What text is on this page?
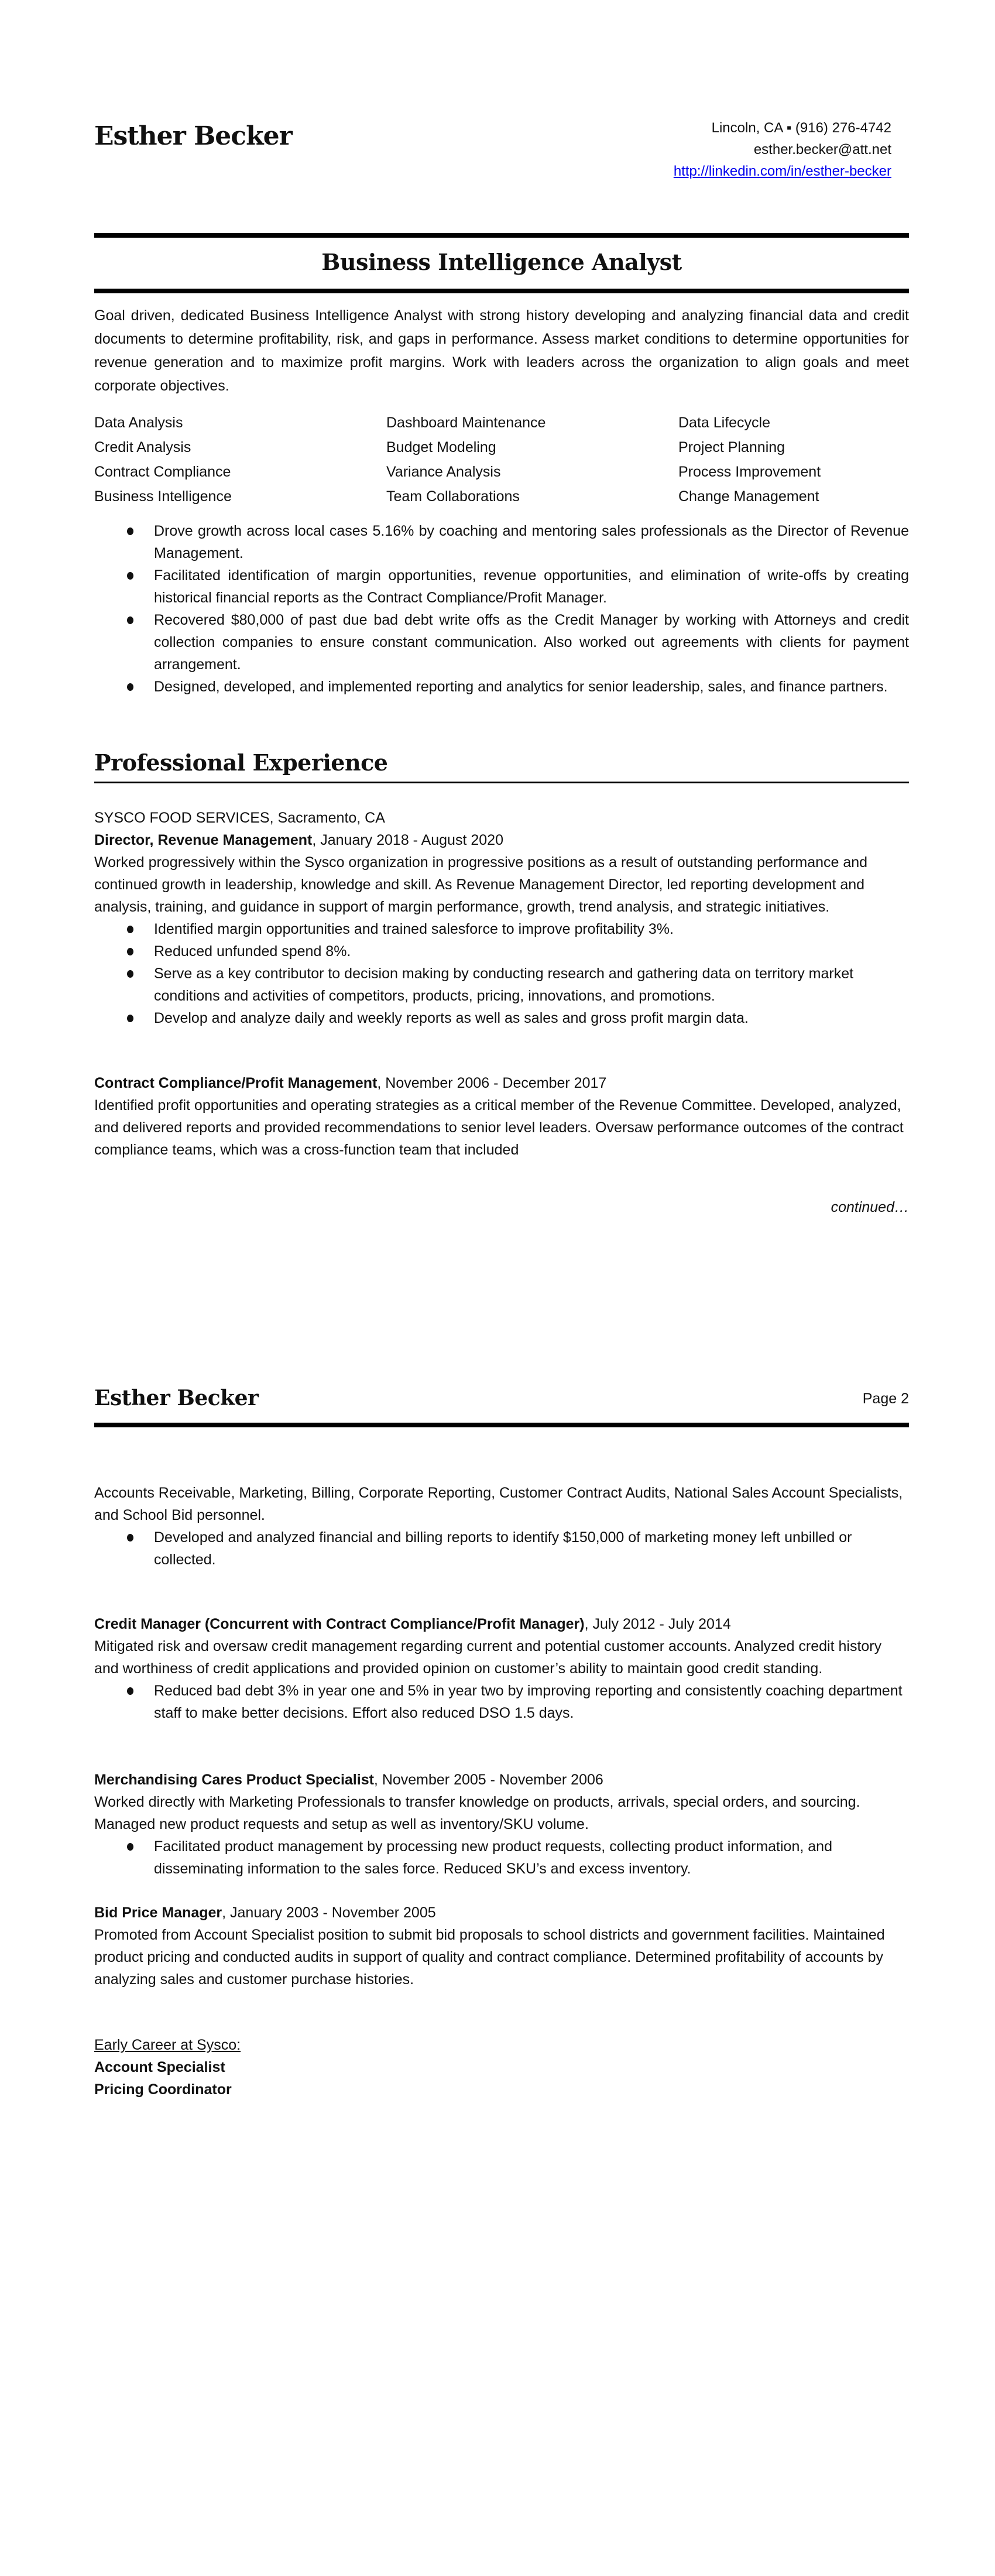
Esther Becker	Lincoln, CA ▪ (916) 276-4742
esther.becker@att.net
http://linkedin.com/in/esther-becker
Business Intelligence Analyst
Goal driven, dedicated Business Intelligence Analyst with strong history developing and analyzing financial data and credit documents to determine profitability, risk, and gaps in performance. Assess market conditions to determine opportunities for revenue generation and to maximize profit margins. Work with leaders across the organization to align goals and meet corporate objectives.
Data Analysis	Dashboard Maintenance	Data Lifecycle
Credit Analysis	Budget Modeling	Project Planning
Contract Compliance	Variance Analysis	Process Improvement
Business Intelligence	Team Collaborations	Change Management
Drove growth across local cases 5.16% by coaching and mentoring sales professionals as the Director of Revenue Management.
Facilitated identification of margin opportunities, revenue opportunities, and elimination of write-offs by creating historical financial reports as the Contract Compliance/Profit Manager.
Recovered $80,000 of past due bad debt write offs as the Credit Manager by working with Attorneys and credit collection companies to ensure constant communication. Also worked out agreements with clients for payment arrangement.
Designed, developed, and implemented reporting and analytics for senior leadership, sales, and finance partners.
Professional Experience
SYSCO FOOD SERVICES, Sacramento, CA
Director, Revenue Management, January 2018 - August 2020
Worked progressively within the Sysco organization in progressive positions as a result of outstanding performance and continued growth in leadership, knowledge and skill. As Revenue Management Director, led reporting development and analysis, training, and guidance in support of margin performance, growth, trend analysis, and strategic initiatives.
Identified margin opportunities and trained salesforce to improve profitability 3%.
Reduced unfunded spend 8%.
Serve as a key contributor to decision making by conducting research and gathering data on territory market conditions and activities of competitors, products, pricing, innovations, and promotions.
Develop and analyze daily and weekly reports as well as sales and gross profit margin data.
Contract Compliance/Profit Management, November 2006 - December 2017
Identified profit opportunities and operating strategies as a critical member of the Revenue Committee. Developed, analyzed, and delivered reports and provided recommendations to senior level leaders. Oversaw performance outcomes of the contract compliance teams, which was a cross-function team that included
continued…
Esther Becker	Page 2
Accounts Receivable, Marketing, Billing, Corporate Reporting, Customer Contract Audits, National Sales Account Specialists, and School Bid personnel.
Developed and analyzed financial and billing reports to identify $150,000 of marketing money left unbilled or collected.
Credit Manager (Concurrent with Contract Compliance/Profit Manager), July 2012 - July 2014
Mitigated risk and oversaw credit management regarding current and potential customer accounts. Analyzed credit history and worthiness of credit applications and provided opinion on customer’s ability to maintain good credit standing.
Reduced bad debt 3% in year one and 5% in year two by improving reporting and consistently coaching department staff to make better decisions. Effort also reduced DSO 1.5 days.
Merchandising Cares Product Specialist, November 2005 - November 2006
Worked directly with Marketing Professionals to transfer knowledge on products, arrivals, special orders, and sourcing. Managed new product requests and setup as well as inventory/SKU volume.
Facilitated product management by processing new product requests, collecting product information, and disseminating information to the sales force. Reduced SKU’s and excess inventory.
Bid Price Manager, January 2003 - November 2005
Promoted from Account Specialist position to submit bid proposals to school districts and government facilities. Maintained product pricing and conducted audits in support of quality and contract compliance. Determined profitability of accounts by analyzing sales and customer purchase histories.
Early Career at Sysco:
Account Specialist
Pricing Coordinator
